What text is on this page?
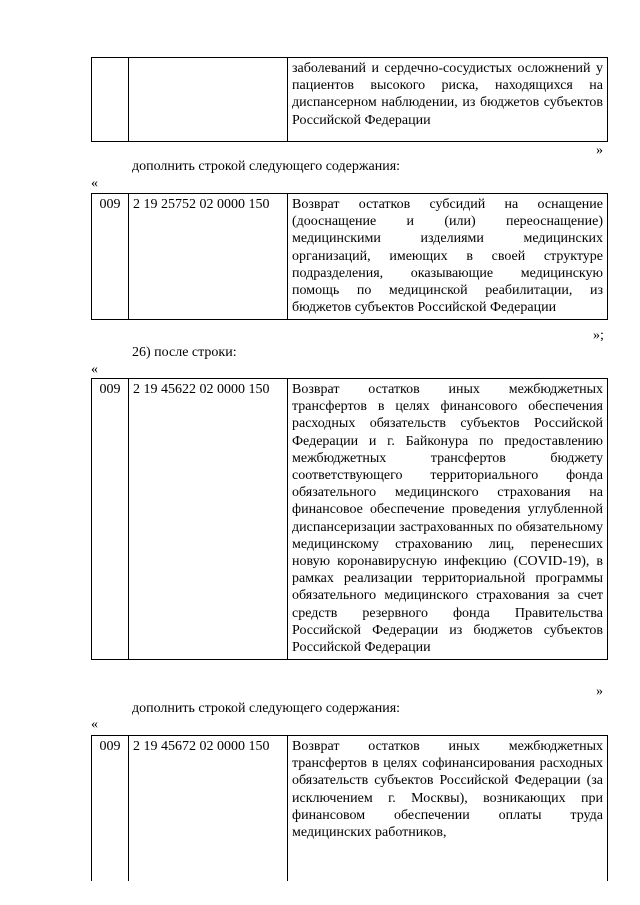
		заболеваний и сердечно-сосудистых осложнений у пациентов высокого риска, находящихся на диспансерном наблюдении, из бюджетов субъектов Российской Федерации
»
дополнить строкой следующего содержания:
«
009	2 19 25752 02 0000 150	Возврат остатков субсидий на оснащение (дооснащение и (или) переоснащение) медицинскими изделиями медицинских организаций, имеющих в своей структуре подразделения, оказывающие медицинскую помощь по медицинской реабилитации, из бюджетов субъектов Российской Федерации
»;
26) после строки:
«
009	2 19 45622 02 0000 150	Возврат остатков иных межбюджетных трансфертов в целях финансового обеспечения расходных обязательств субъектов Российской Федерации и г. Байконура по предоставлению межбюджетных трансфертов бюджету соответствующего территориального фонда обязательного медицинского страхования на финансовое обеспечение проведения углубленной диспансеризации застрахованных по обязательному медицинскому страхованию лиц, перенесших новую коронавирусную инфекцию (COVID-19), в рамках реализации территориальной программы обязательного медицинского страхования за счет средств резервного фонда Правительства Российской Федерации из бюджетов субъектов Российской Федерации
»
дополнить строкой следующего содержания:
«
009	2 19 45672 02 0000 150	Возврат остатков иных межбюджетных трансфертов в целях софинансирования расходных обязательств субъектов Российской Федерации (за исключением г. Москвы), возникающих при финансовом обеспечении оплаты труда медицинских работников,
